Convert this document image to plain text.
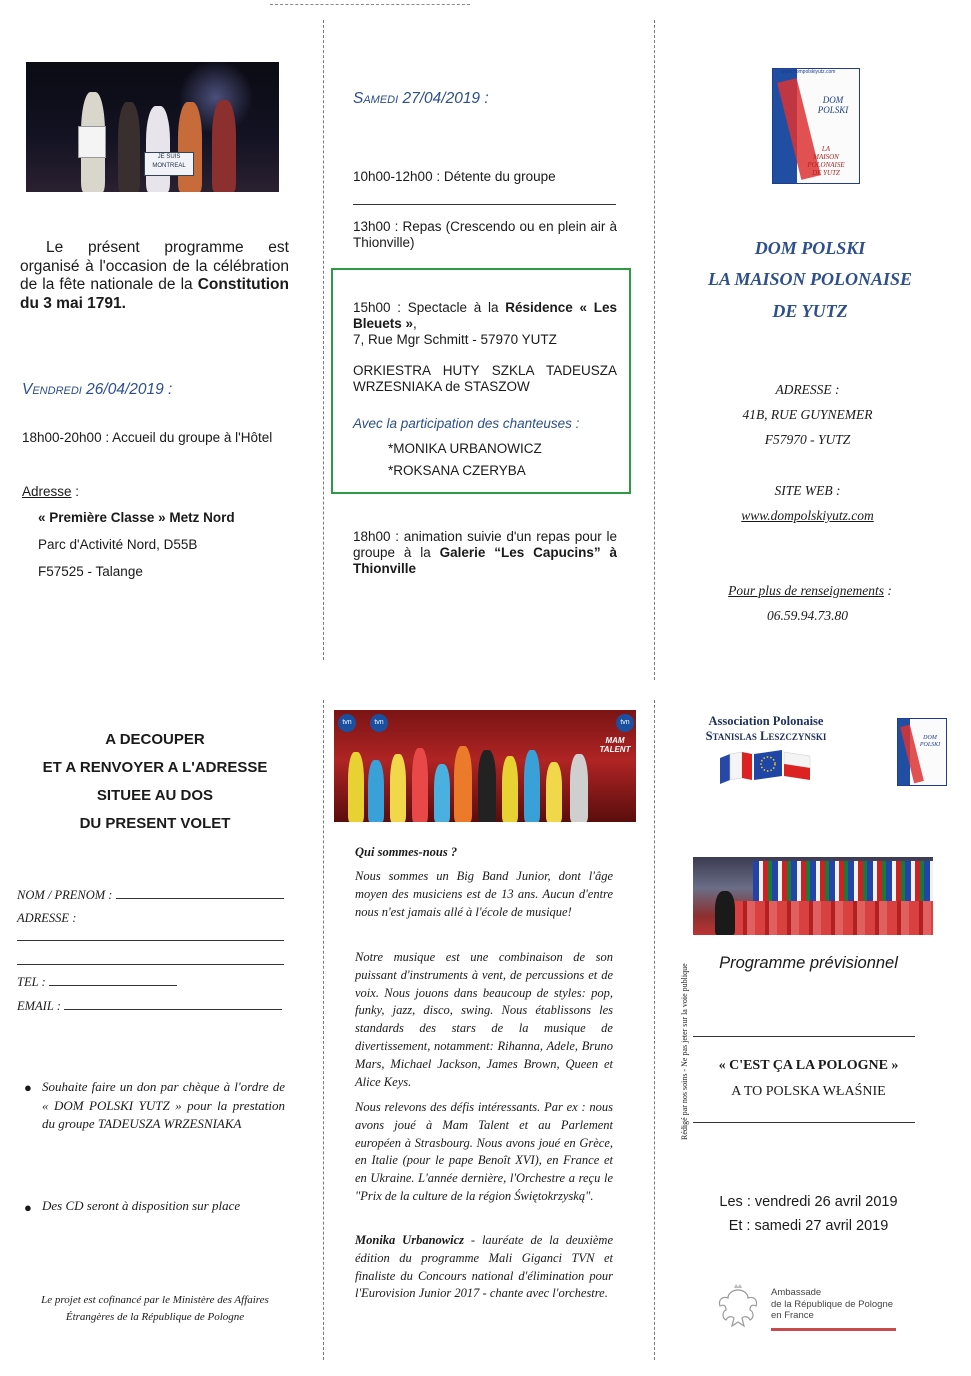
JE SUIS
MONTREAL
Le présent programme est organisé à l'occasion de la célébration de la fête nationale de la Constitution du 3 mai 1791.
Vendredi 26/04/2019 :
18h00-20h00 : Accueil du groupe à l'Hôtel
Adresse :
« Première Classe » Metz Nord
Parc d'Activité Nord, D55B
F57525 - Talange
Samedi 27/04/2019 :
10h00-12h00 : Détente du groupe
13h00 : Repas (Crescendo ou en plein air à Thionville)
15h00 : Spectacle à la Résidence « Les Bleuets »,
7, Rue Mgr Schmitt - 57970 YUTZ
ORKIESTRA HUTY SZKLA TADEUSZA WRZESNIAKA de STASZOW
Avec la participation des chanteuses :
*MONIKA URBANOWICZ
*ROKSANA CZERYBA
18h00 : animation suivie d'un repas pour le groupe à la Galerie “Les Capucins” à Thionville
www.dompolskiyutz.com
DOM
POLSKI
LA
MAISON
POLONAISE
DE YUTZ
DOM POLSKI
LA MAISON POLONAISE
DE YUTZ
ADRESSE :
41B, RUE GUYNEMER
F57970 - YUTZ
SITE WEB :
www.dompolskiyutz.com
Pour plus de renseignements :
06.59.94.73.80
A DECOUPER
ET A RENVOYER A L'ADRESSE
SITUEE AU DOS
DU PRESENT VOLET
NOM / PRENOM :
ADRESSE :
TEL :
EMAIL :
● Souhaite faire un don par chèque à l'ordre de « DOM POLSKI YUTZ » pour la prestation du groupe TADEUSZA WRZESNIAKA
● Des CD seront à disposition sur place
Le projet est cofinancé par le Ministère des Affaires
Étrangères de la République de Pologne
tvn	tvn	tvn
MAM TALENT
Qui sommes-nous ?
Nous sommes un Big Band Junior, dont l'âge moyen des musiciens est de 13 ans. Aucun d'entre nous n'est jamais allé à l'école de musique!
Notre musique est une combinaison de son puissant d'instruments à vent, de percussions et de voix. Nous jouons dans beaucoup de styles: pop, funky, jazz, disco, swing. Nous établissons les standards des stars de la musique de divertissement, notamment: Rihanna, Adele, Bruno Mars, Michael Jackson, James Brown, Queen et Alice Keys.
Nous relevons des défis intéressants. Par ex : nous avons joué à Mam Talent et au Parlement européen à Strasbourg. Nous avons joué en Grèce, en Italie (pour le pape Benoît XVI), en France et en Ukraine. L'année dernière, l'Orchestre a reçu le "Prix de la culture de la région Świętokrzyską".
Monika Urbanowicz - lauréate de la deuxième édition du programme Mali Giganci TVN et finaliste du Concours national d'élimination pour l'Eurovision Junior 2017 - chante avec l'orchestre.
Association Polonaise
Stanislas Leszczynski	DOM
POLSKI
Rédigé par nos soins - Ne pas jeter sur la voie publique
Programme prévisionnel
« C'EST ÇA LA POLOGNE »
A TO POLSKA WŁAŚNIE
Les : vendredi 26 avril 2019
Et : samedi 27 avril 2019
Ambassade
de la République de Pologne
en France
